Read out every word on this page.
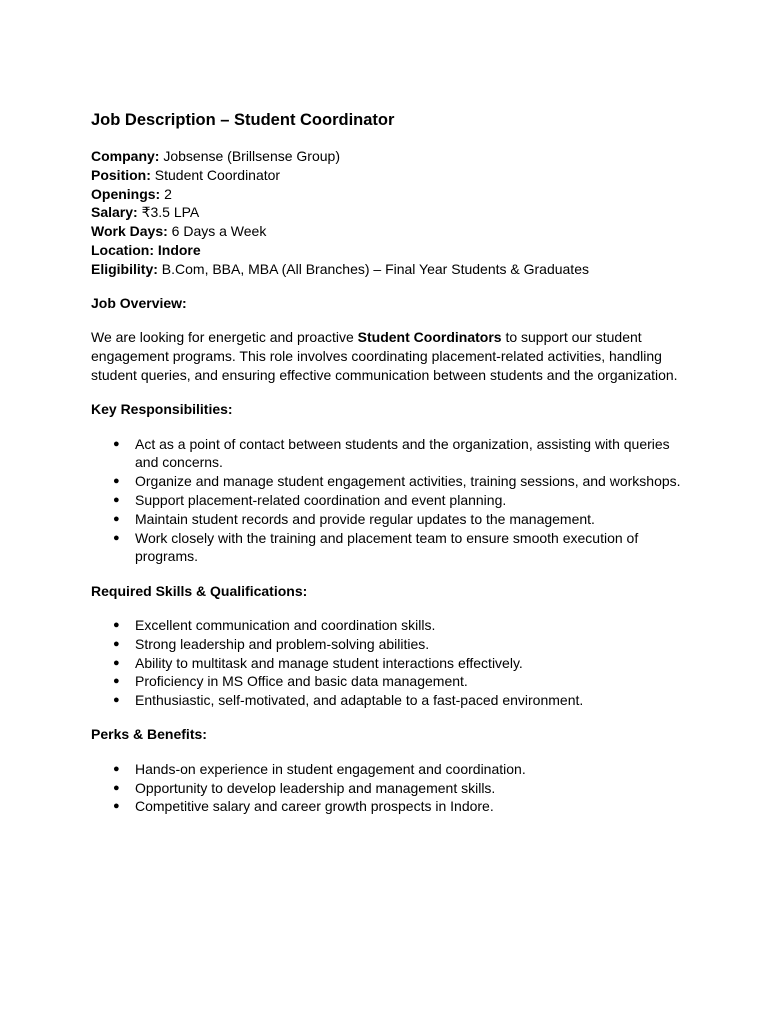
Job Description – Student Coordinator

Company: Jobsense (Brillsense Group)

Position: Student Coordinator

Openings: 2

Salary: ₹3.5 LPA

Work Days: 6 Days a Week

Location: Indore

Eligibility: B.Com, BBA, MBA (All Branches) – Final Year Students & Graduates

Job Overview:

We are looking for energetic and proactive Student Coordinators to support our student engagement programs. This role involves coordinating placement-related activities, handling student queries, and ensuring effective communication between students and the organization.

Key Responsibilities:

● Act as a point of contact between students and the organization, assisting with queries and concerns.
● Organize and manage student engagement activities, training sessions, and workshops.
● Support placement-related coordination and event planning.
● Maintain student records and provide regular updates to the management.
● Work closely with the training and placement team to ensure smooth execution of programs.

Required Skills & Qualifications:

● Excellent communication and coordination skills.
● Strong leadership and problem-solving abilities.
● Ability to multitask and manage student interactions effectively.
● Proficiency in MS Office and basic data management.
● Enthusiastic, self-motivated, and adaptable to a fast-paced environment.

Perks & Benefits:

● Hands-on experience in student engagement and coordination.
● Opportunity to develop leadership and management skills.
● Competitive salary and career growth prospects in Indore.
